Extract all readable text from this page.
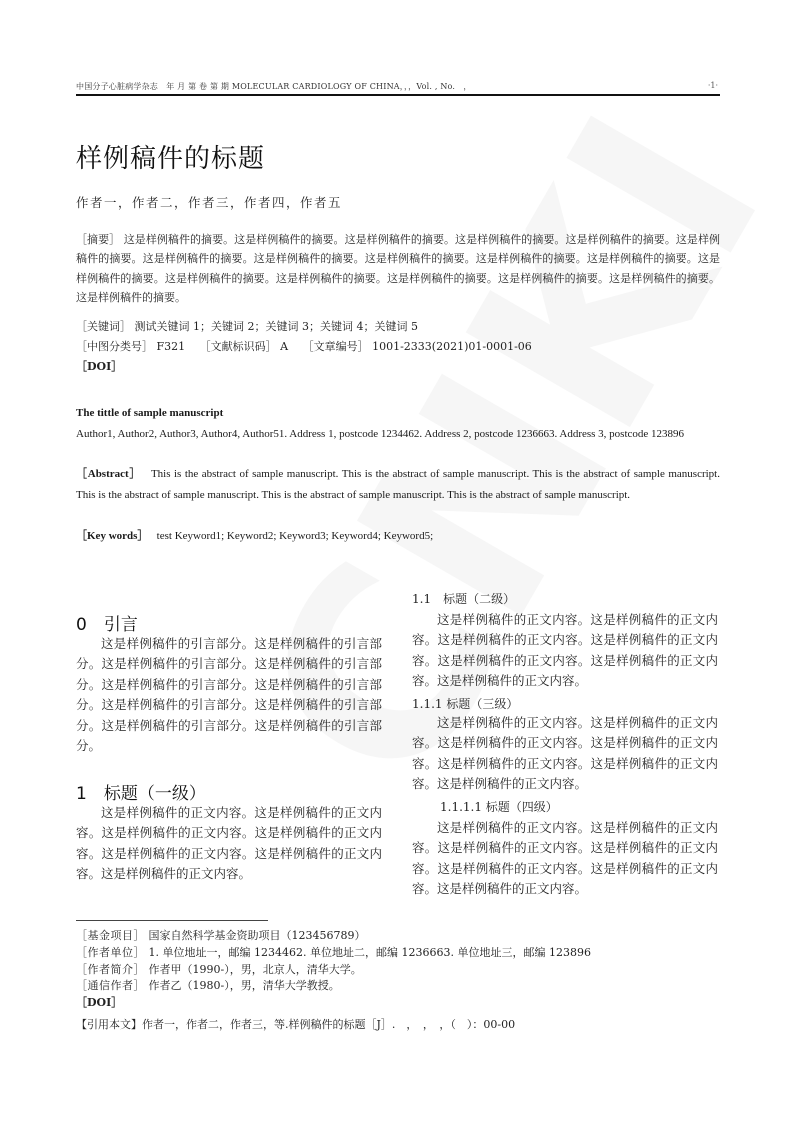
中国分子心脏病学杂志　年 月 第 卷 第 期 MOLECULAR CARDIOLOGY OF CHINA，，，Vol. , No.　，	·1·
样例稿件的标题
作者一，作者二，作者三，作者四，作者五
［摘要］ 这是样例稿件的摘要。这是样例稿件的摘要。这是样例稿件的摘要。这是样例稿件的摘要。这是样例稿件的摘要。这是样例稿件的摘要。这是样例稿件的摘要。这是样例稿件的摘要。这是样例稿件的摘要。这是样例稿件的摘要。这是样例稿件的摘要。这是样例稿件的摘要。这是样例稿件的摘要。这是样例稿件的摘要。这是样例稿件的摘要。这是样例稿件的摘要。这是样例稿件的摘要。这是样例稿件的摘要。
［关键词］ 测试关键词 1；关键词 2；关键词 3；关键词 4；关键词 5
［中图分类号］ F321　 ［文献标识码］ A　 ［文章编号］ 1001-2333(2021)01-0001-06
［DOI］
The tittle of sample manuscript
Author1, Author2, Author3, Author4, Author51. Address 1, postcode 1234462. Address 2, postcode 1236663. Address 3, postcode 123896
［Abstract］　 This is the abstract of sample manuscript. This is the abstract of sample manuscript. This is the abstract of sample manuscript. This is the abstract of sample manuscript. This is the abstract of sample manuscript. This is the abstract of sample manuscript.
［Key words］　 test Keyword1; Keyword2; Keyword3; Keyword4; Keyword5;
0　引言
这是样例稿件的引言部分。这是样例稿件的引言部分。这是样例稿件的引言部分。这是样例稿件的引言部分。这是样例稿件的引言部分。这是样例稿件的引言部分。这是样例稿件的引言部分。这是样例稿件的引言部分。这是样例稿件的引言部分。这是样例稿件的引言部分。
1　标题（一级）
这是样例稿件的正文内容。这是样例稿件的正文内容。这是样例稿件的正文内容。这是样例稿件的正文内容。这是样例稿件的正文内容。这是样例稿件的正文内容。这是样例稿件的正文内容。
1.1　标题（二级）
这是样例稿件的正文内容。这是样例稿件的正文内容。这是样例稿件的正文内容。这是样例稿件的正文内容。这是样例稿件的正文内容。这是样例稿件的正文内容。这是样例稿件的正文内容。
1.1.1 标题（三级）
这是样例稿件的正文内容。这是样例稿件的正文内容。这是样例稿件的正文内容。这是样例稿件的正文内容。这是样例稿件的正文内容。这是样例稿件的正文内容。这是样例稿件的正文内容。
1.1.1.1 标题（四级）
这是样例稿件的正文内容。这是样例稿件的正文内容。这是样例稿件的正文内容。这是样例稿件的正文内容。这是样例稿件的正文内容。这是样例稿件的正文内容。这是样例稿件的正文内容。
［基金项目］ 国家自然科学基金资助项目（123456789）
［作者单位］ 1. 单位地址一，邮编 1234462. 单位地址二，邮编 1236663. 单位地址三，邮编 123896
［作者简介］ 作者甲（1990-），男，北京人，清华大学。
［通信作者］ 作者乙（1980-），男，清华大学教授。
［DOI］
【引用本文】作者一，作者二，作者三，等.样例稿件的标题［J］.　，　，　，（　）：00-00
